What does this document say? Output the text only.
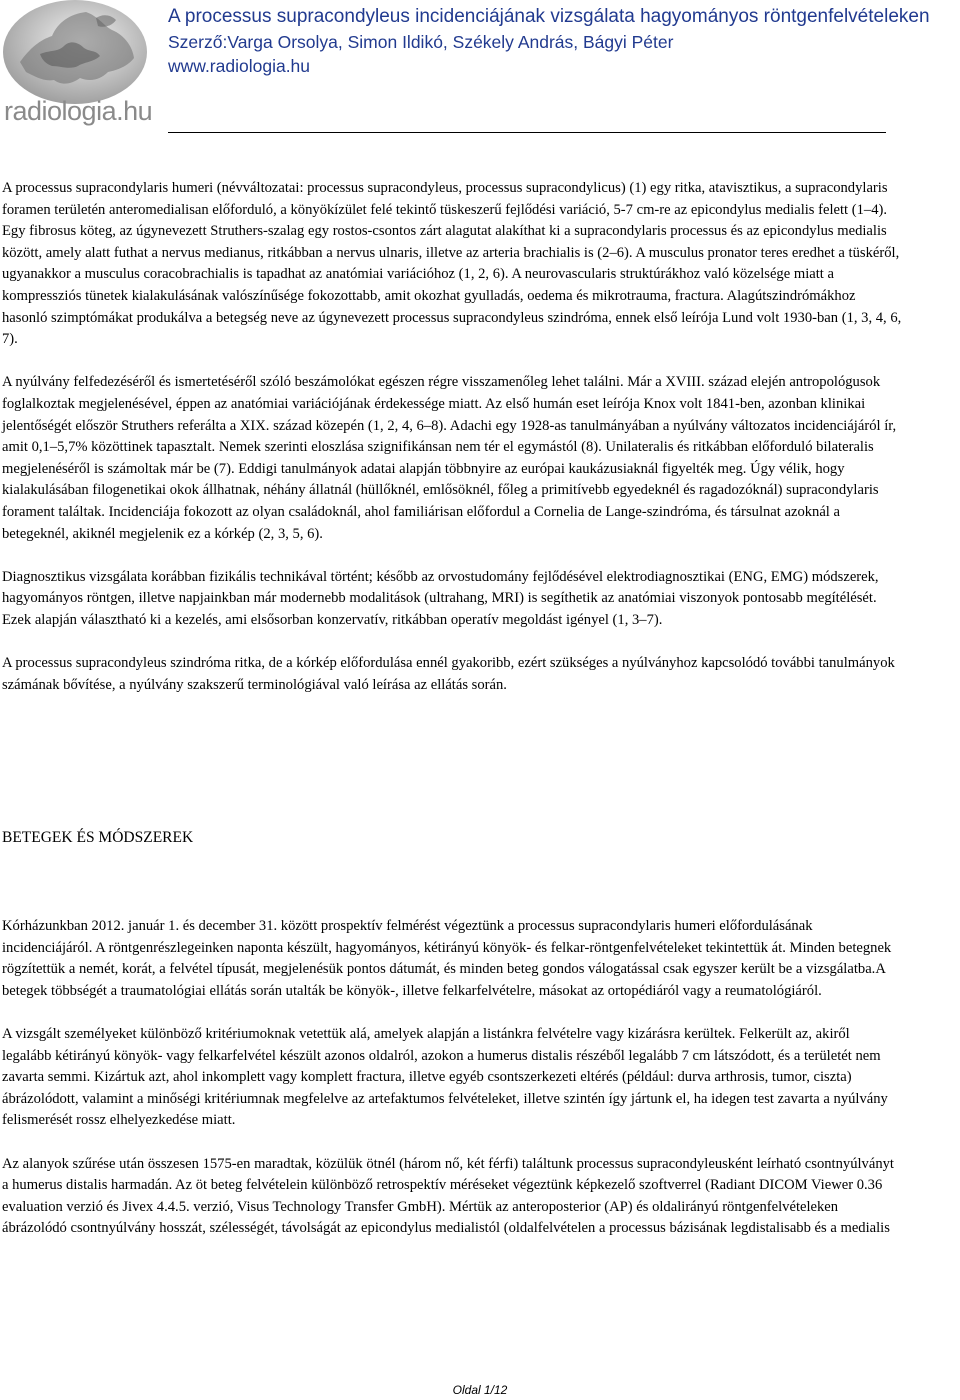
radiologia.hu
A processus supracondyleus incidenciájának vizsgálata hagyományos röntgenfelvételeken
Szerző:Varga Orsolya, Simon Ildikó, Székely András, Bágyi Péter
www.radiologia.hu

A processus supracondylaris humeri (névváltozatai: processus supracondyleus, processus supracondylicus) (1) egy ritka, atavisztikus, a supracondylaris foramen területén anteromedialisan előforduló, a könyökízület felé tekintő tüskeszerű fejlődési variáció, 5-7 cm-re az epicondylus medialis felett (1–4). Egy fibrosus köteg, az úgynevezett Struthers-szalag egy rostos-csontos zárt alagutat alakíthat ki a supracondylaris processus és az epicondylus medialis között, amely alatt futhat a nervus medianus, ritkábban a nervus ulnaris, illetve az arteria brachialis is (2–6). A musculus pronator teres eredhet a tüskéről, ugyanakkor a musculus coracobrachialis is tapadhat az anatómiai variációhoz (1, 2, 6). A neurovascularis struktúrákhoz való közelsége miatt a kompressziós tünetek kialakulásának valószínűsége fokozottabb, amit okozhat gyulladás, oedema és mikrotrauma, fractura. Alagútszindrómákhoz hasonló szimptómákat produkálva a betegség neve az úgynevezett processus supracondyleus szindróma, ennek első leírója Lund volt 1930-ban (1, 3, 4, 6, 7).

A nyúlvány felfedezéséről és ismertetéséről szóló beszámolókat egészen régre visszamenőleg lehet találni. Már a XVIII. század elején antropológusok foglalkoztak megjelenésével, éppen az anatómiai variációjának érdekessége miatt. Az első humán eset leírója Knox volt 1841-ben, azonban klinikai jelentőségét először Struthers referálta a XIX. század közepén (1, 2, 4, 6–8). Adachi egy 1928-as tanulmányában a nyúlvány változatos incidenciájáról ír, amit 0,1–5,7% közöttinek tapasztalt. Nemek szerinti eloszlása szignifikánsan nem tér el egymástól (8). Unilateralis és ritkábban előforduló bilateralis megjelenéséről is számoltak már be (7). Eddigi tanulmányok adatai alapján többnyire az európai kaukázusiaknál figyelték meg. Úgy vélik, hogy kialakulásában filogenetikai okok állhatnak, néhány állatnál (hüllőknél, emlősöknél, főleg a primitívebb egyedeknél és ragadozóknál) supracondylaris forament találtak. Incidenciája fokozott az olyan családoknál, ahol familiárisan előfordul a Cornelia de Lange-szindróma, és társulnat azoknál a betegeknél, akiknél megjelenik ez a kórkép (2, 3, 5, 6).

Diagnosztikus vizsgálata korábban fizikális technikával történt; később az orvostudomány fejlődésével elektrodiagnosztikai (ENG, EMG) módszerek, hagyományos röntgen, illetve napjainkban már modernebb modalitások (ultrahang, MRI) is segíthetik az anatómiai viszonyok pontosabb megítélését. Ezek alapján választható ki a kezelés, ami elsősorban konzervatív, ritkábban operatív megoldást igényel (1, 3–7).

A processus supracondyleus szindróma ritka, de a kórkép előfordulása ennél gyakoribb, ezért szükséges a nyúlványhoz kapcsolódó további tanulmányok számának bővítése, a nyúlvány szakszerű terminológiával való leírása az ellátás során.

BETEGEK ÉS MÓDSZEREK

Kórházunkban 2012. január 1. és december 31. között prospektív felmérést végeztünk a processus supracondylaris humeri előfordulásának incidenciájáról. A röntgenrészlegeinken naponta készült, hagyományos, kétirányú könyök- és felkar-röntgenfelvételeket tekintettük át. Minden betegnek rögzítettük a nemét, korát, a felvétel típusát, megjelenésük pontos dátumát, és minden beteg gondos válogatással csak egyszer került be a vizsgálatba.A betegek többségét a traumatológiai ellátás során utalták be könyök-, illetve felkarfelvételre, másokat az ortopédiáról vagy a reumatológiáról.

A vizsgált személyeket különböző kritériumoknak vetettük alá, amelyek alapján a listánkra felvételre vagy kizárásra kerültek. Felkerült az, akiről legalább kétirányú könyök- vagy felkarfelvétel készült azonos oldalról, azokon a humerus distalis részéből legalább 7 cm látszódott, és a területét nem zavarta semmi. Kizártuk azt, ahol inkomplett vagy komplett fractura, illetve egyéb csontszerkezeti eltérés (például: durva arthrosis, tumor, ciszta) ábrázolódott, valamint a minőségi kritériumnak megfelelve az artefaktumos felvételeket, illetve szintén így jártunk el, ha idegen test zavarta a nyúlvány felismerését rossz elhelyezkedése miatt.

Az alanyok szűrése után összesen 1575-en maradtak, közülük ötnél (három nő, két férfi) találtunk processus supracondyleusként leírható csontnyúlványt a humerus distalis harmadán. Az öt beteg felvételein különböző retrospektív méréseket végeztünk képkezelő szoftverrel (Radiant DICOM Viewer 0.36 evaluation verzió és Jivex 4.4.5. verzió, Visus Technology Transfer GmbH). Mértük az anteroposterior (AP) és oldalirányú röntgenfelvételeken ábrázolódó csontnyúlvány hosszát, szélességét, távolságát az epicondylus medialistól (oldalfelvételen a processus bázisának legdistalisabb és a medialis

Oldal 1/12
